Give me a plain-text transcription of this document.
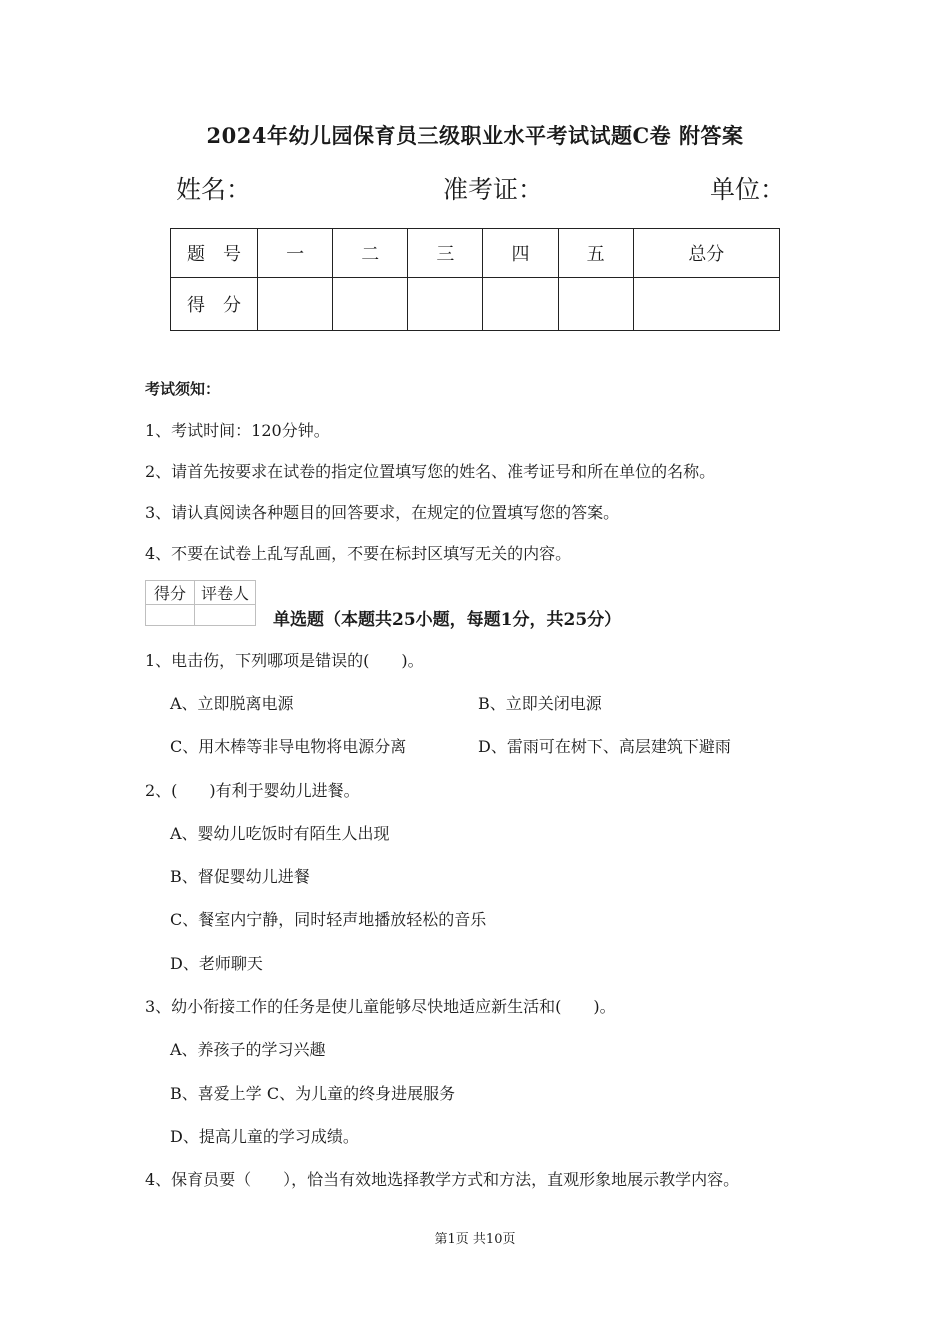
2024年幼儿园保育员三级职业水平考试试题C卷 附答案
姓名：	准考证：	单位：
题　号	一	二	三	四	五	总分
得　分						
考试须知：
1、考试时间：120分钟。
2、请首先按要求在试卷的指定位置填写您的姓名、准考证号和所在单位的名称。
3、请认真阅读各种题目的回答要求，在规定的位置填写您的答案。
4、不要在试卷上乱写乱画，不要在标封区填写无关的内容。
得分	评卷人

单选题（本题共25小题，每题1分，共25分）
1、电击伤，下列哪项是错误的(　　)。
A、立即脱离电源	B、立即关闭电源
C、用木棒等非导电物将电源分离	D、雷雨可在树下、高层建筑下避雨
2、(　　)有利于婴幼儿进餐。
A、婴幼儿吃饭时有陌生人出现
B、督促婴幼儿进餐
C、餐室内宁静，同时轻声地播放轻松的音乐
D、老师聊天
3、幼小衔接工作的任务是使儿童能够尽快地适应新生活和(　　)。
A、养孩子的学习兴趣
B、喜爱上学 C、为儿童的终身进展服务
D、提高儿童的学习成绩。
4、保育员要（　　），恰当有效地选择教学方式和方法，直观形象地展示教学内容。
第1页 共10页
